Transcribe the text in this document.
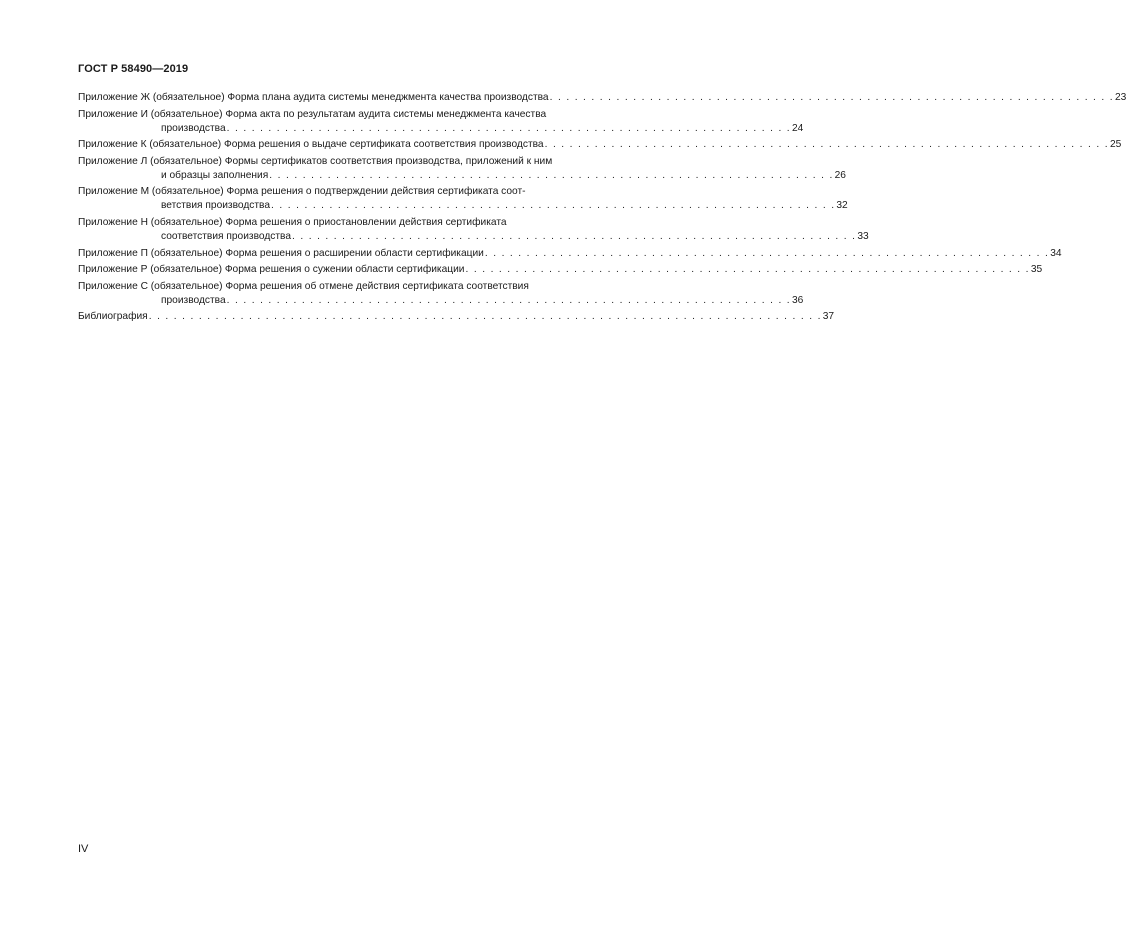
ГОСТ Р 58490—2019
Приложение Ж (обязательное) Форма плана аудита системы менеджмента качества производства . . . . . . . . . . . . . . . . . . . . . . . . . . . . . . . . . . . . . . . . . . . . . . . . . . . . . . . . . . . . . . . . . . . . 23
Приложение И (обязательное) Форма акта по результатам аудита системы менеджмента качества
производства . . . . . . . . . . . . . . . . . . . . . . . . . . . . . . . . . . . . . . . . . . . . . . . . . . . . . . . . . . . . . . . . . . . . 24
Приложение К (обязательное) Форма решения о выдаче сертификата соответствия производства . . . . . . . . . . . . . . . . . . . . . . . . . . . . . . . . . . . . . . . . . . . . . . . . . . . . . . . . . . . . . . . . . . . . 25
Приложение Л (обязательное) Формы сертификатов соответствия производства, приложений к ним
и образцы заполнения . . . . . . . . . . . . . . . . . . . . . . . . . . . . . . . . . . . . . . . . . . . . . . . . . . . . . . . . . . . . . . . . . . . . 26
Приложение М (обязательное) Форма решения о подтверждении действия сертификата соот-
ветствия производства . . . . . . . . . . . . . . . . . . . . . . . . . . . . . . . . . . . . . . . . . . . . . . . . . . . . . . . . . . . . . . . . . . . . 32
Приложение Н (обязательное) Форма решения о приостановлении действия сертификата
соответствия производства . . . . . . . . . . . . . . . . . . . . . . . . . . . . . . . . . . . . . . . . . . . . . . . . . . . . . . . . . . . . . . . . . . . . 33
Приложение П (обязательное) Форма решения о расширении области сертификации . . . . . . . . . . . . . . . . . . . . . . . . . . . . . . . . . . . . . . . . . . . . . . . . . . . . . . . . . . . . . . . . . . . . 34
Приложение Р (обязательное) Форма решения о сужении области сертификации . . . . . . . . . . . . . . . . . . . . . . . . . . . . . . . . . . . . . . . . . . . . . . . . . . . . . . . . . . . . . . . . . . . . 35
Приложение С (обязательное) Форма решения об отмене действия сертификата соответствия
производства . . . . . . . . . . . . . . . . . . . . . . . . . . . . . . . . . . . . . . . . . . . . . . . . . . . . . . . . . . . . . . . . . . . . 36
Библиография . . . . . . . . . . . . . . . . . . . . . . . . . . . . . . . . . . . . . . . . . . . . . . . . . . . . . . . . . . . . . . . . . . . . . . . . . . . . . . . . . 37
IV
